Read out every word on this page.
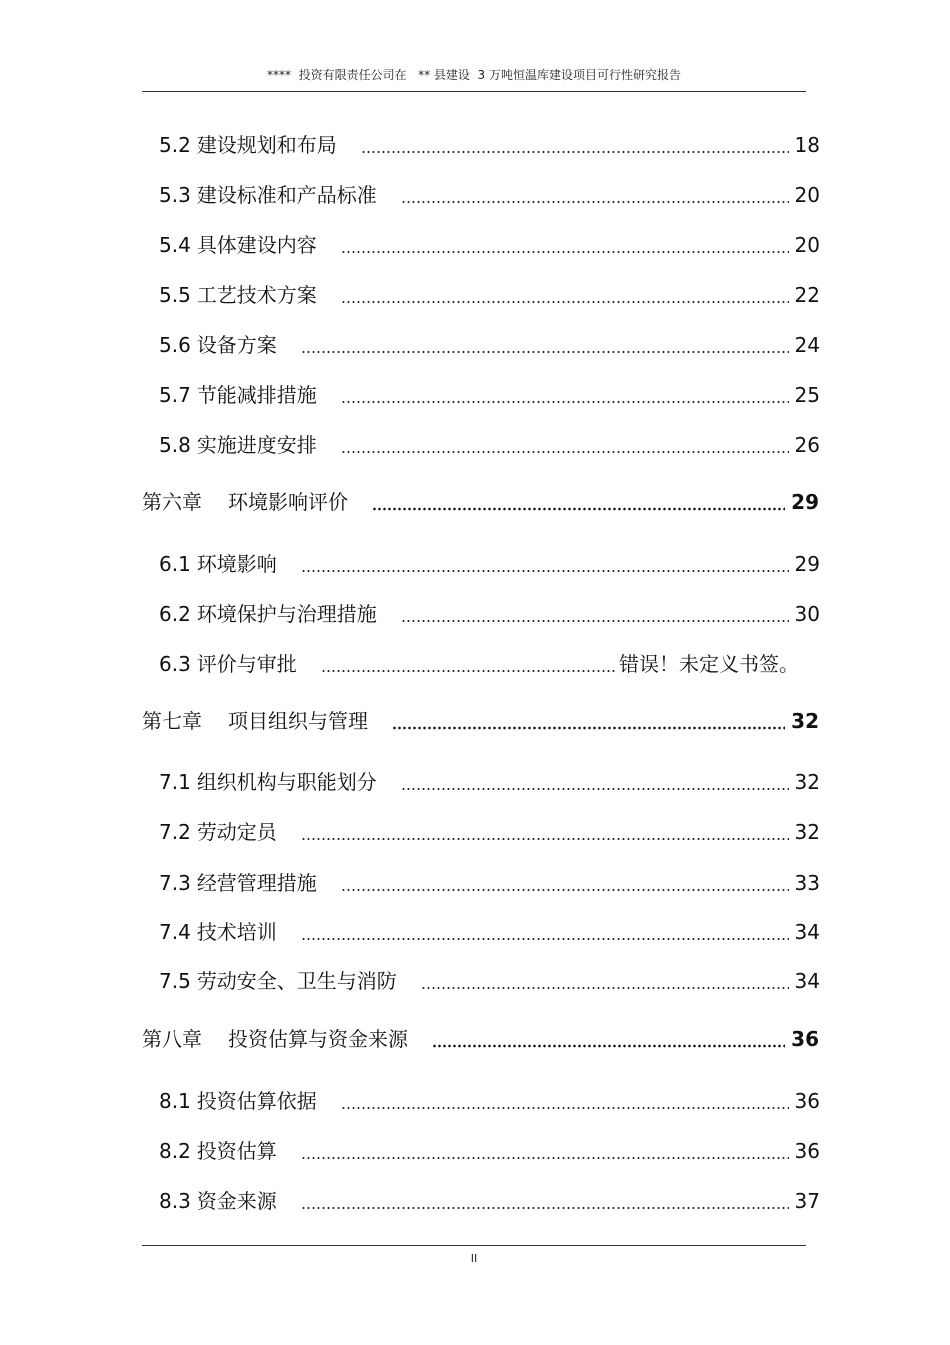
****  投资有限责任公司在   ** 县建设  3 万吨恒温库建设项目可行性研究报告
5.2 建设规划和布局	18
5.3 建设标准和产品标准	20
5.4 具体建设内容	20
5.5 工艺技术方案	22
5.6 设备方案	24
5.7 节能减排措施	25
5.8 实施进度安排	26
第六章 环境影响评价	29
6.1 环境影响	29
6.2 环境保护与治理措施	30
6.3 评价与审批	错误！未定义书签。
第七章 项目组织与管理	32
7.1 组织机构与职能划分	32
7.2 劳动定员	32
7.3 经营管理措施	33
7.4 技术培训	34
7.5 劳动安全、卫生与消防	34
第八章 投资估算与资金来源	36
8.1 投资估算依据	36
8.2 投资估算	36
8.3 资金来源	37
II
